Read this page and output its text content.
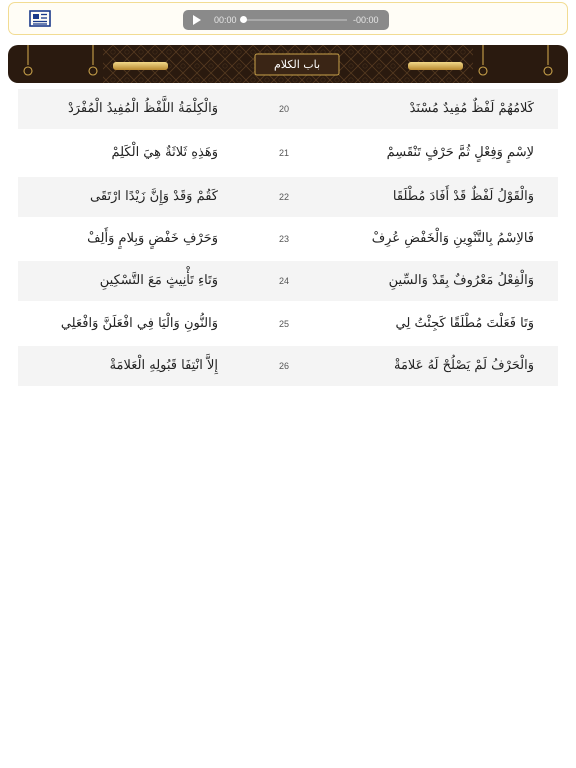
00:00	-00:00
باب الكلام
كَلامُهُمْ لَفْظٌ مُفِيدٌ مُسْنَدْ
20
وَالْكِلْمَةُ اللَّفْظُ الْمُفِيدُ الْمُفْرَدْ
لاِسْمٍ وَفِعْلٍ ثُمَّ حَرْفٍ تَنْقَسِمْ
21
وَهَذِهِ ثَلاثَةٌ هِيَ الْكَلِمْ
وَالْقَوْلُ لَفْظٌ قَدْ أَفَادَ مُطْلَقَا
22
كَقُمْ وَقَدْ وَإِنَّ زَيْدًا ارْتَقَى
فَالاِسْمُ بِالتَّنْوِينِ وَالْخَفْضِ عُرِفْ
23
وَحَرْفِ خَفْضٍ وَبِلامٍ وَأَلِفْ
وَالْفِعْلُ مَعْرُوفٌ بِقَدْ وَالسِّينِ
24
وَتَاءِ تَأْنِيثٍ مَعَ التَّسْكِينِ
وَتَا فَعَلْتَ مُطْلَقًا كَجِئْتُ لِي
25
وَالنُّونِ وَالْيَا فِي افْعَلَنَّ وَافْعَلِي
وَالْحَرْفُ لَمْ يَصْلُحْ لَهُ عَلامَةْ
26
إِلاَّ انْتِفَا قَبُولِهِ الْعَلامَةْ
